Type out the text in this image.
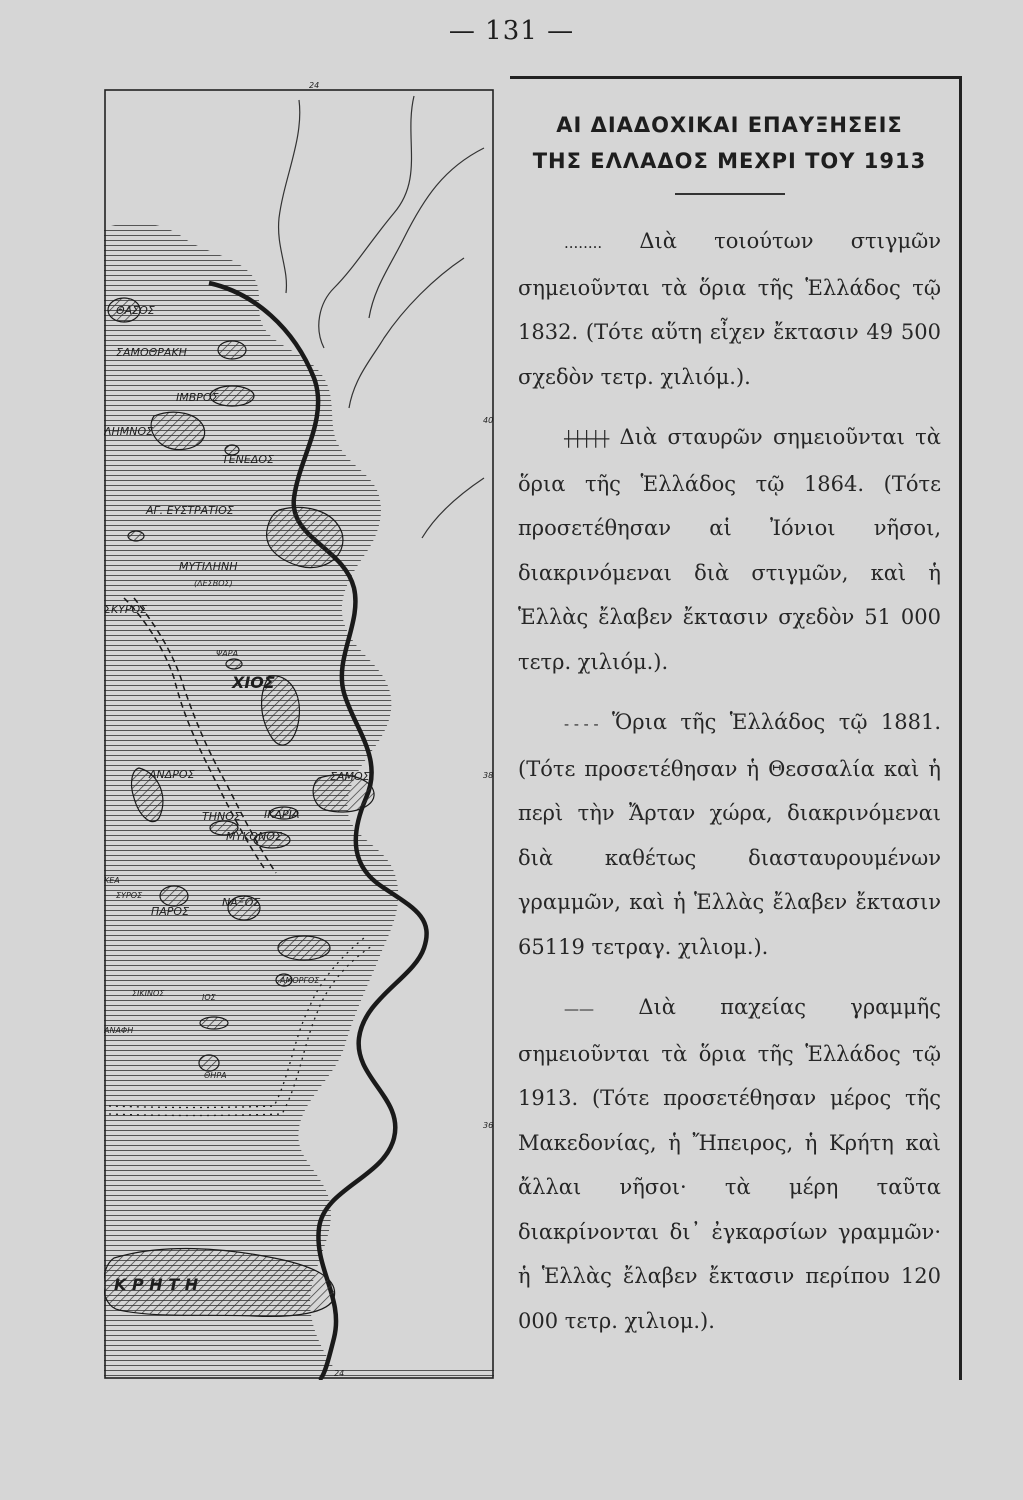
— 131 —
24
24
40
38
36
ΘΑΣΟΣ
ΣΑΜΟΘΡΑΚΗ
ΙΜΒΡΟΣ
ΛΗΜΝΟΣ
ΤΕΝΕΔΟΣ
ΑΓ. ΕΥΣΤΡΑΤΙΟΣ
ΜΥΤΙΛΗΝΗ
(ΛΕΣΒΟΣ)
ΣΚΥΡΟΣ
ΨΑΡΑ
ΧΙΟΣ
ΑΝΔΡΟΣ	ΣΑΜΟΣ
ΤΗΝΟΣ ΙΚΑΡΙΑ
ΜΥΚΟΝΟΣ
ΚΕΑ
ΣΥΡΟΣ
ΠΑΡΟΣ
ΝΑΞΟΣ
ΑΜΟΡΓΟΣ
ΣΙΚΙΝΟΣ	ΙΟΣ
ΑΝΑΦΗ
ΘΗΡΑ
Κ Ρ Η Τ Η
ΑΙ ΔΙΑΔΟΧΙΚΑΙ ΕΠΑΥΞΗΣΕΙΣ
ΤΗΣ ΕΛΛΑΔΟΣ ΜΕΧΡΙ ΤΟΥ 1913

........ Διὰ τοιούτων στιγμῶν σημειοῦνται τὰ ὅρια τῆς Ἑλλάδος τῷ 1832. (Τότε αὕτη εἶχεν ἔκτασιν 49 500 σχεδὸν τετρ. χιλιόμ.).

┼┼┼┼┼ Διὰ σταυρῶν σημειοῦνται τὰ ὅρια τῆς Ἑλλάδος τῷ 1864. (Τότε προσετέθησαν αἱ Ἰόνιοι νῆσοι, διακρινόμεναι διὰ στιγμῶν, καὶ ἡ Ἑλλὰς ἔλαβεν ἔκτασιν σχεδὸν 51 000 τετρ. χιλιόμ.).

- - - - Ὅρια τῆς Ἑλλάδος τῷ 1881. (Τότε προσετέθησαν ἡ Θεσσαλία καὶ ἡ περὶ τὴν Ἄρταν χώρα, διακρινόμεναι διὰ καθέτως διασταυρουμένων γραμμῶν, καὶ ἡ Ἑλλὰς ἔλαβεν ἔκτασιν 65119 τετραγ. χιλιομ.).

—— Διὰ παχείας γραμμῆς σημειοῦνται τὰ ὅρια τῆς Ἑλλάδος τῷ 1913. (Τότε προσετέθησαν μέρος τῆς Μακεδονίας, ἡ Ἤπειρος, ἡ Κρήτη καὶ ἄλλαι νῆσοι· τὰ μέρη ταῦτα διακρίνονται δι᾽ ἐγκαρσίων γραμμῶν· ἡ Ἑλλὰς ἔλαβεν ἔκτασιν περίπου 120 000 τετρ. χιλιομ.).
